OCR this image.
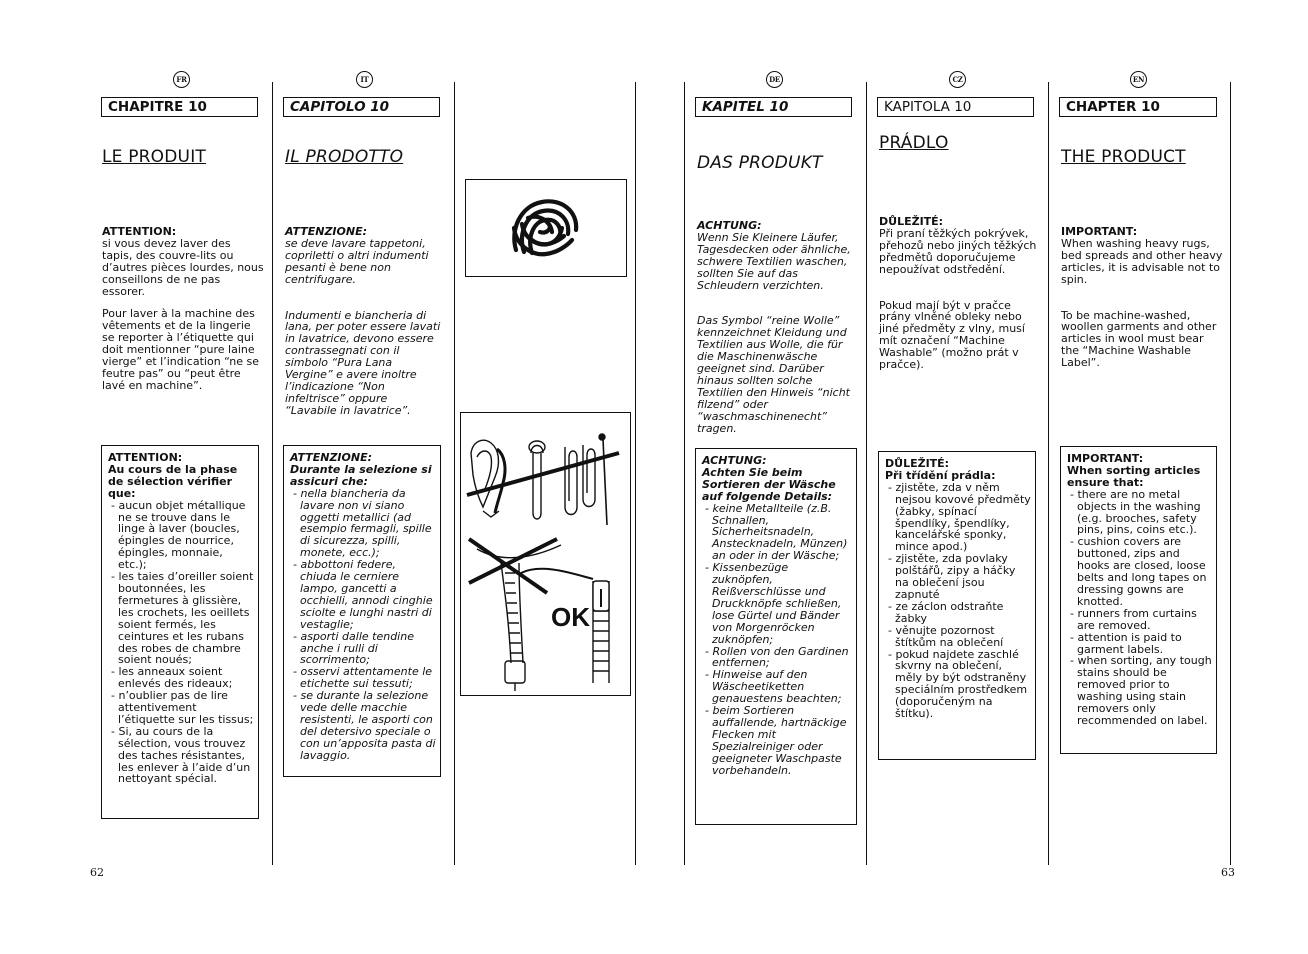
FR	IT	DE	CZ	EN
CHAPITRE 10
LE PRODUIT

ATTENTION:

si vous devez laver des tapis, des couvre-lits ou d’autres pièces lourdes, nous conseillons de ne pas essorer.

Pour laver à la machine des vêtements et de la lingerie se reporter à l’étiquette qui doit mentionner “pure laine vierge” et l’indication “ne se feutre pas” ou “peut être lavé en machine”.

ATTENTION:
Au cours de la phase de sélection vérifier que:
- aucun objet métallique ne se trouve dans le linge à laver (boucles, épingles de nourrice, épingles, monnaie, etc.);
- les taies d’oreiller soient boutonnées, les fermetures à glissière, les crochets, les oeillets soient fermés, les ceintures et les rubans des robes de chambre soient noués;
- les anneaux soient enlevés des rideaux;
- n’oublier pas de lire attentivement l’étiquette sur les tissus;
- Si, au cours de la sélection, vous trouvez des taches résistantes, les enlever à l’aide d’un nettoyant spécial.
CAPITOLO 10
IL PRODOTTO

ATTENZIONE:

se deve lavare tappetoni, copriletti o altri indumenti pesanti è bene non centrifugare.

Indumenti e biancheria di lana, per poter essere lavati in lavatrice, devono essere contrassegnati con il simbolo “Pura Lana Vergine” e avere inoltre l’indicazione “Non infeltrisce” oppure “Lavabile in lavatrice”.

ATTENZIONE:
Durante la selezione si assicuri che:
- nella biancheria da lavare non vi siano oggetti metallici (ad esempio fermagli, spille di sicurezza, spilli, monete, ecc.);
- abbottoni federe, chiuda le cerniere lampo, gancetti a occhielli, annodi cinghie sciolte e lunghi nastri di vestaglie;
- asporti dalle tendine anche i rulli di scorrimento;
- osservi attentamente le etichette sui tessuti;
- se durante la selezione vede delle macchie resistenti, le asporti con del detersivo speciale o con un’apposita pasta di lavaggio.
OK
KAPITEL 10
DAS PRODUKT

ACHTUNG:

Wenn Sie Kleinere Läufer, Tagesdecken oder ähnliche, schwere Textilien waschen, sollten Sie auf das Schleudern verzichten.

Das Symbol “reine Wolle” kennzeichnet Kleidung und Textilien aus Wolle, die für die Maschinenwäsche geeignet sind. Darüber hinaus sollten solche Textilien den Hinweis “nicht filzend” oder “waschmaschinenecht” tragen.

ACHTUNG:
Achten Sie beim Sortieren der Wäsche auf folgende Details:
- keine Metallteile (z.B. Schnallen, Sicherheitsnadeln, Anstecknadeln, Münzen) an oder in der Wäsche;
- Kissenbezüge zuknöpfen, Reißverschlüsse und Druckknöpfe schließen, lose Gürtel und Bänder von Morgenröcken zuknöpfen;
- Rollen von den Gardinen entfernen;
- Hinweise auf den Wäscheetiketten genauestens beachten;
- beim Sortieren auffallende, hartnäckige Flecken mit Spezialreiniger oder geeigneter Waschpaste vorbehandeln.
KAPITOLA 10
PRÁDLO

DŮLEŽITÉ:

Při praní těžkých pokrývek, přehozů nebo jiných těžkých předmětů doporučujeme nepoužívat odstředění.

Pokud mají být v pračce prány vlněné obleky nebo jiné předměty z vlny, musí mít označení “Machine Washable” (možno prát v pračce).

DŮLEŽITÉ:
Při třídění prádla:
- zjistěte, zda v něm nejsou kovové předměty (žabky, spínací špendlíky, špendlíky, kancelářské sponky, mince apod.)
- zjistěte, zda povlaky polštářů, zipy a háčky na oblečení jsou zapnuté
- ze záclon odstraňte žabky
- věnujte pozornost štítkům na oblečení
- pokud najdete zaschlé skvrny na oblečení, měly by být odstraněny speciálním prostředkem (doporučeným na štítku).
CHAPTER 10
THE PRODUCT

IMPORTANT:

When washing heavy rugs, bed spreads and other heavy articles, it is advisable not to spin.

To be machine-washed, woollen garments and other articles in wool must bear the “Machine Washable Label”.

IMPORTANT:
When sorting articles ensure that:
- there are no metal objects in the washing (e.g. brooches, safety pins, pins, coins etc.).
- cushion covers are buttoned, zips and hooks are closed, loose belts and long tapes on dressing gowns are knotted.
- runners from curtains are removed.
- attention is paid to garment labels.
- when sorting, any tough stains should be removed prior to washing using stain removers only recommended on label.
62	63
